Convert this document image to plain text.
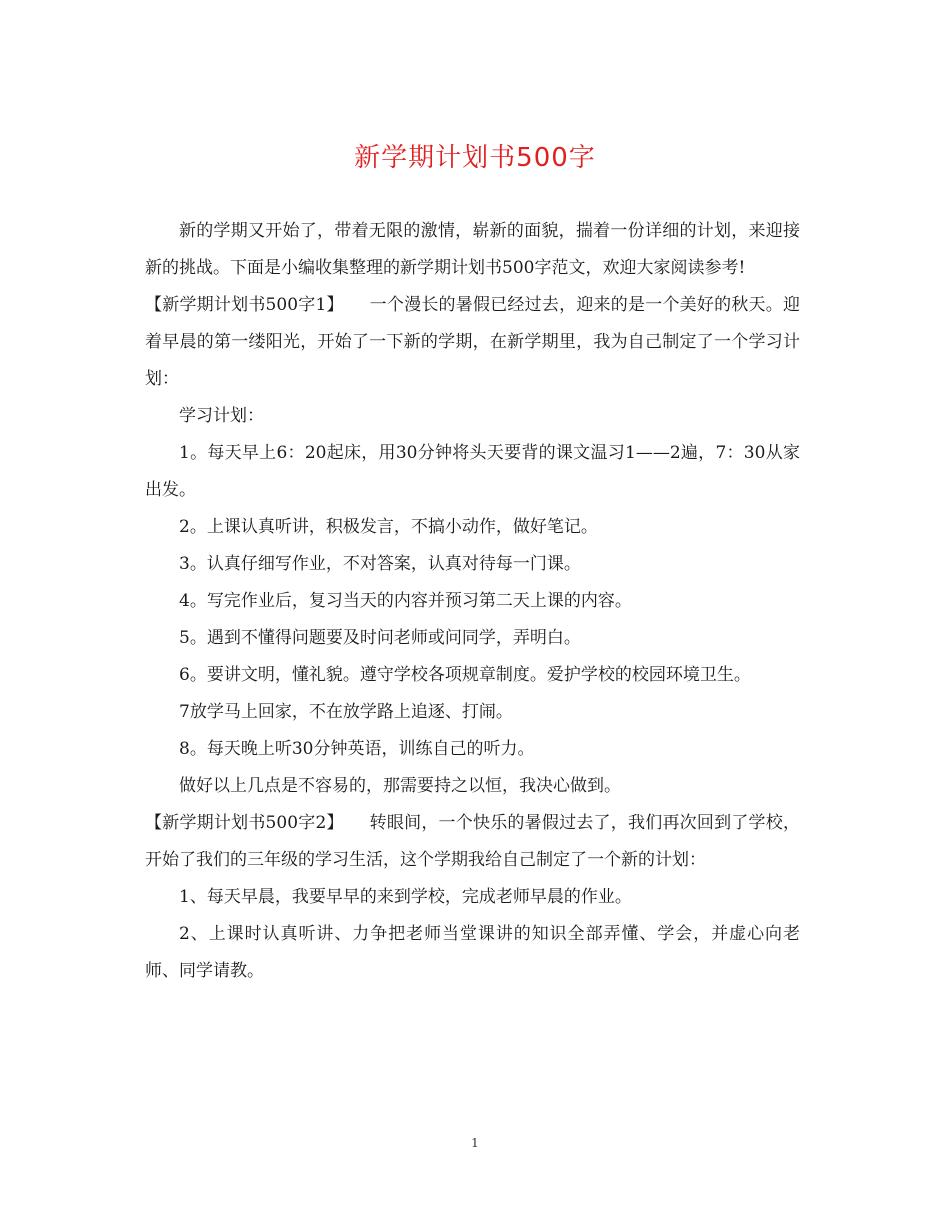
新学期计划书500字

新的学期又开始了，带着无限的激情，崭新的面貌，揣着一份详细的计划，来迎接新的挑战。下面是小编收集整理的新学期计划书500字范文，欢迎大家阅读参考!

【新学期计划书500字1】　　一个漫长的暑假已经过去，迎来的是一个美好的秋天。迎着早晨的第一缕阳光，开始了一下新的学期，在新学期里，我为自己制定了一个学习计划：

学习计划：

1。每天早上6：20起床，用30分钟将头天要背的课文温习1——2遍，7：30从家出发。

2。上课认真听讲，积极发言，不搞小动作，做好笔记。

3。认真仔细写作业，不对答案，认真对待每一门课。

4。写完作业后，复习当天的内容并预习第二天上课的内容。

5。遇到不懂得问题要及时问老师或问同学，弄明白。

6。要讲文明，懂礼貌。遵守学校各项规章制度。爱护学校的校园环境卫生。

7放学马上回家，不在放学路上追逐、打闹。

8。每天晚上听30分钟英语，训练自己的听力。

做好以上几点是不容易的，那需要持之以恒，我决心做到。

【新学期计划书500字2】　　转眼间，一个快乐的暑假过去了，我们再次回到了学校，开始了我们的三年级的学习生活，这个学期我给自己制定了一个新的计划：

1、每天早晨，我要早早的来到学校，完成老师早晨的作业。

2、上课时认真听讲、力争把老师当堂课讲的知识全部弄懂、学会，并虚心向老师、同学请教。

1
